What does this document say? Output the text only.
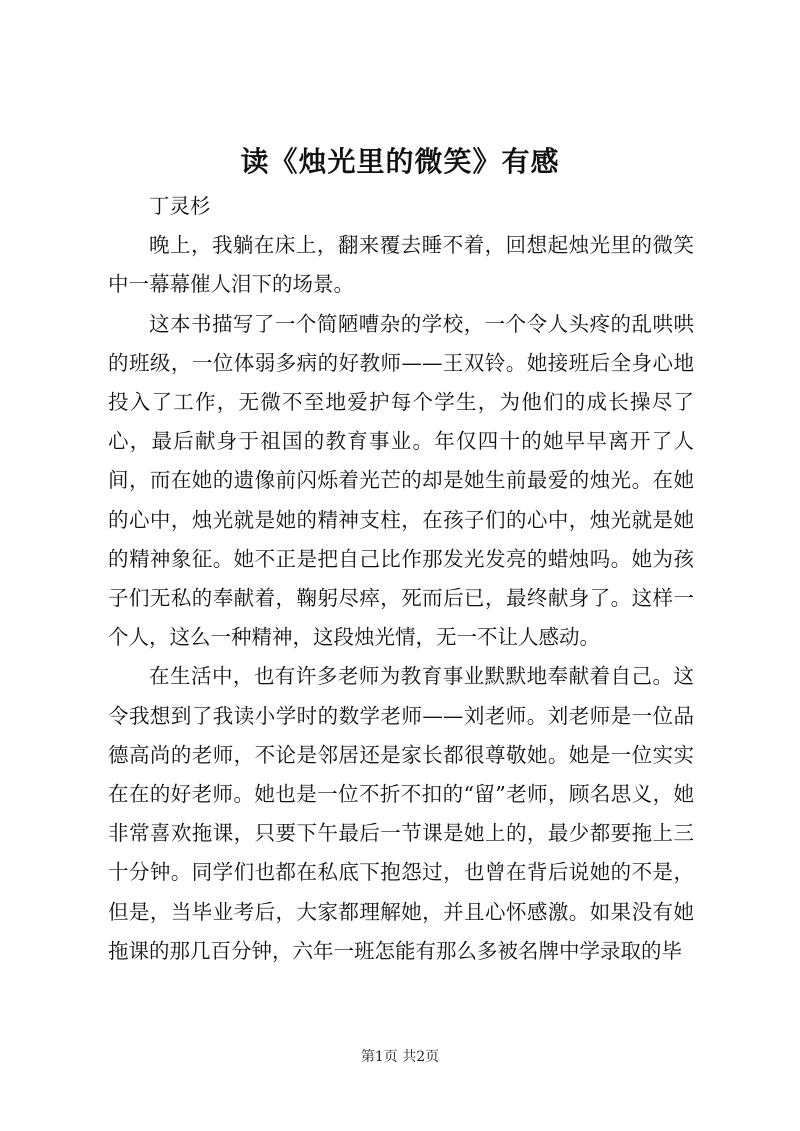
读《烛光里的微笑》有感

丁灵杉

晚上，我躺在床上，翻来覆去睡不着，回想起烛光里的微笑中一幕幕催人泪下的场景。

这本书描写了一个简陋嘈杂的学校，一个令人头疼的乱哄哄的班级，一位体弱多病的好教师——王双铃。她接班后全身心地投入了工作，无微不至地爱护每个学生，为他们的成长操尽了心，最后献身于祖国的教育事业。年仅四十的她早早离开了人间，而在她的遗像前闪烁着光芒的却是她生前最爱的烛光。在她的心中，烛光就是她的精神支柱，在孩子们的心中，烛光就是她的精神象征。她不正是把自己比作那发光发亮的蜡烛吗。她为孩子们无私的奉献着，鞠躬尽瘁，死而后已，最终献身了。这样一个人，这么一种精神，这段烛光情，无一不让人感动。

在生活中，也有许多老师为教育事业默默地奉献着自己。这令我想到了我读小学时的数学老师——刘老师。刘老师是一位品德高尚的老师，不论是邻居还是家长都很尊敬她。她是一位实实在在的好老师。她也是一位不折不扣的“留”老师，顾名思义，她非常喜欢拖课，只要下午最后一节课是她上的，最少都要拖上三十分钟。同学们也都在私底下抱怨过，也曾在背后说她的不是，但是，当毕业考后，大家都理解她，并且心怀感激。如果没有她拖课的那几百分钟，六年一班怎能有那么多被名牌中学录取的毕

第1页 共2页
